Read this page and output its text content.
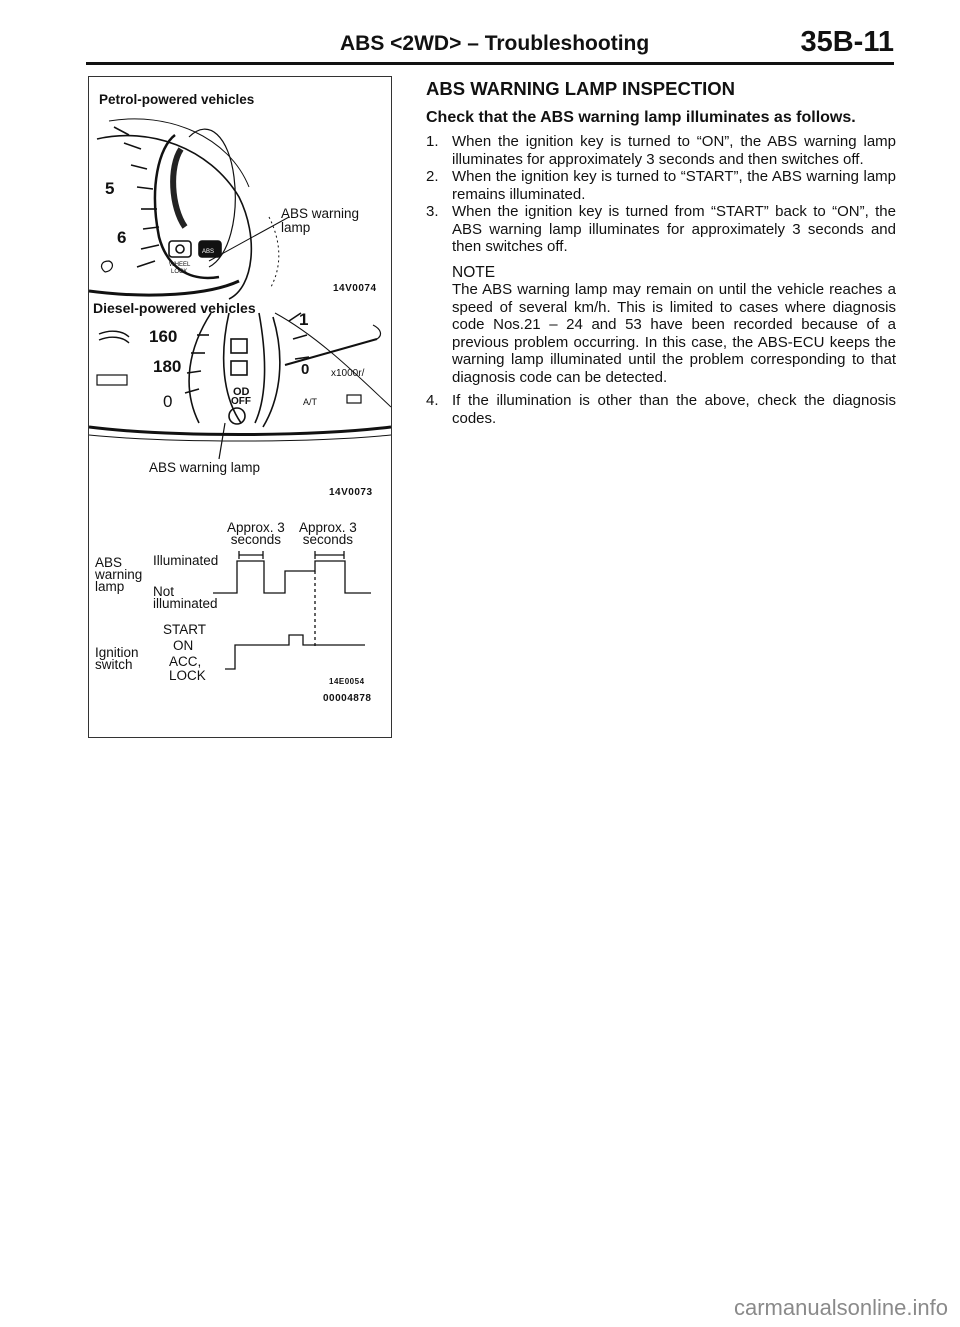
ABS <2WD> – Troubleshooting	35B-11
Petrol-powered vehicles
5
6
WHEEL
LOCK
ABS
ABS warning
lamp
14V0074
Diesel-powered vehicles
160
180
0
1
0 x1000r/
A/T
OD
OFF
ABS warning lamp
14V0073
Approx. 3
seconds
Approx. 3
seconds
ABS
warning
lamp
Illuminated
Not
illuminated
START
Ignition
switch
ON
ACC,
LOCK	14E0054
00004878
ABS WARNING LAMP INSPECTION
Check that the ABS warning lamp illuminates as follows.

1. When the ignition key is turned to “ON”, the ABS warning lamp illuminates for approximately 3 seconds and then switches off.

2. When the ignition key is turned to “START”, the ABS warning lamp remains illuminated.

3. When the ignition key is turned from “START” back to “ON”, the ABS warning lamp illuminates for approximately 3 seconds and then switches off.

NOTE
The ABS warning lamp may remain on until the vehicle reaches a speed of several km/h. This is limited to cases where diagnosis code Nos.21 – 24 and 53 have been recorded because of a previous problem occurring. In this case, the ABS-ECU keeps the warning lamp illuminated until the problem corresponding to that diagnosis code can be detected.

4. If the illumination is other than the above, check the diagnosis codes.

carmanualsonline.info
